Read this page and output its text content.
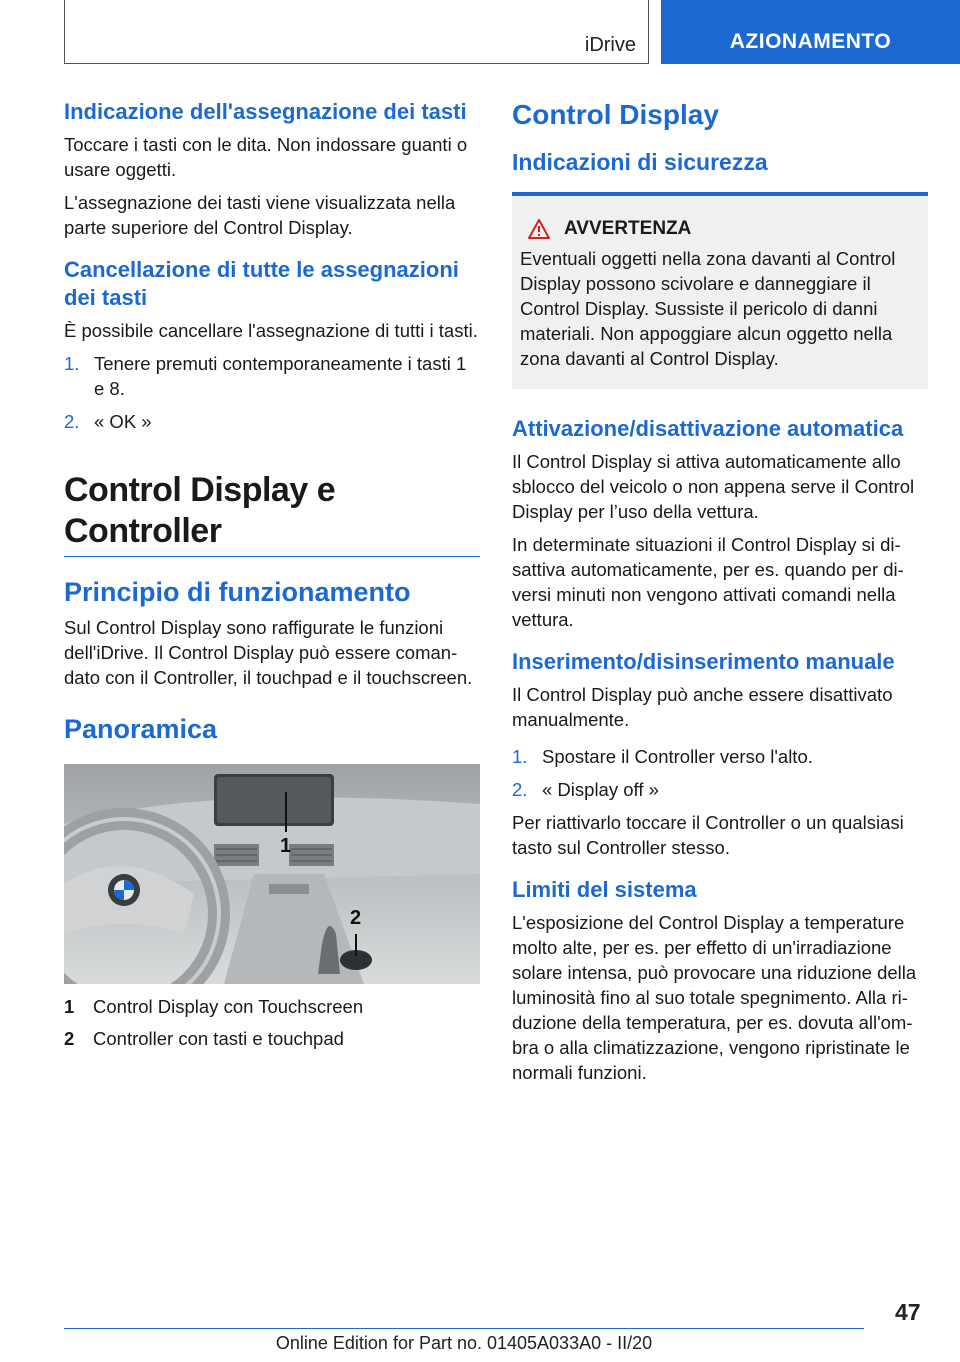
iDrive	AZIONAMENTO
Indicazione dell'assegnazione dei tasti

Toccare i tasti con le dita. Non indossare guanti o usare oggetti.

L'assegnazione dei tasti viene visualizzata nella parte superiore del Control Display.

Cancellazione di tutte le assegnazioni dei tasti

È possibile cancellare l'assegnazione di tutti i tasti.

1. Tenere premuti contemporaneamente i tasti 1 e 8.
2. « OK »
Control Display e Controller
Principio di funzionamento

Sul Control Display sono raffigurate le funzioni dell'iDrive. Il Control Display può essere comandato con il Controller, il touchpad e il touchscreen.

Panoramica
1
2
1	Control Display con Touchscreen
2	Controller con tasti e touchpad
Control Display
Indicazioni di sicurezza
AVVERTENZA

Eventuali oggetti nella zona davanti al Control Display possono scivolare e danneggiare il Control Display. Sussiste il pericolo di danni materiali. Non appoggiare alcun oggetto nella zona davanti al Control Display.

Attivazione/disattivazione automatica

Il Control Display si attiva automaticamente allo sblocco del veicolo o non appena serve il Control Display per l’uso della vettura.

In determinate situazioni il Control Display si disattiva automaticamente, per es. quando per diversi minuti non vengono attivati comandi nella vettura.

Inserimento/disinserimento manuale

Il Control Display può anche essere disattivato manualmente.

1. Spostare il Controller verso l'alto.
2. « Display off »

Per riattivarlo toccare il Controller o un qualsiasi tasto sul Controller stesso.

Limiti del sistema

L'esposizione del Control Display a temperature molto alte, per es. per effetto di un'irradiazione solare intensa, può provocare una riduzione della luminosità fino al suo totale spegnimento. Alla riduzione della temperatura, per es. dovuta all'ombra o alla climatizzazione, vengono ripristinate le normali funzioni.

47
Online Edition for Part no. 01405A033A0 - II/20
